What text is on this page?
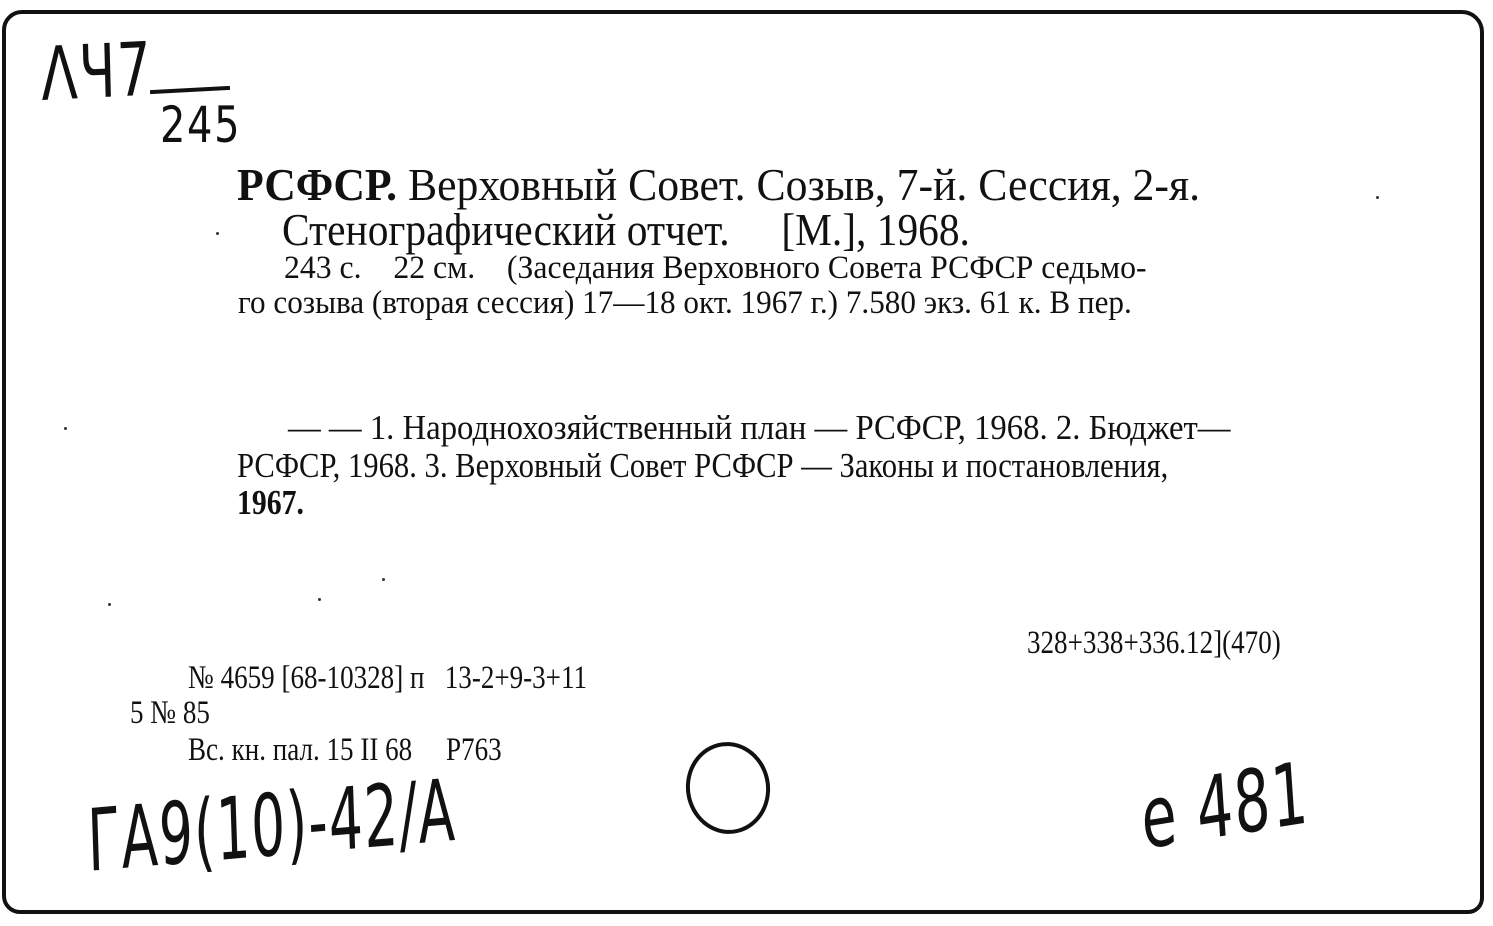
ΛЧ7
245
РСФСР. Верховный Совет. Созыв, 7-й. Сессия, 2-я.
Стенографический отчет.     [М.], 1968.
243 с.    22 см.    (Заседания Верховного Совета РСФСР седьмо-
го созыва (вторая сессия) 17—18 окт. 1967 г.) 7.580 экз. 61 к. В пер.
— — 1. Народнохозяйственный план — РСФСР, 1968. 2. Бюджет—
РСФСР, 1968. 3. Верховный Совет РСФСР — Законы и постановления,
1967.
328+338+336.12](470)
№ 4659 [68-10328] п   13-2+9-3+11
5 № 85
Вс. кн. пал. 15 II 68     Р763
ГА9(10)-42/А	e 481
